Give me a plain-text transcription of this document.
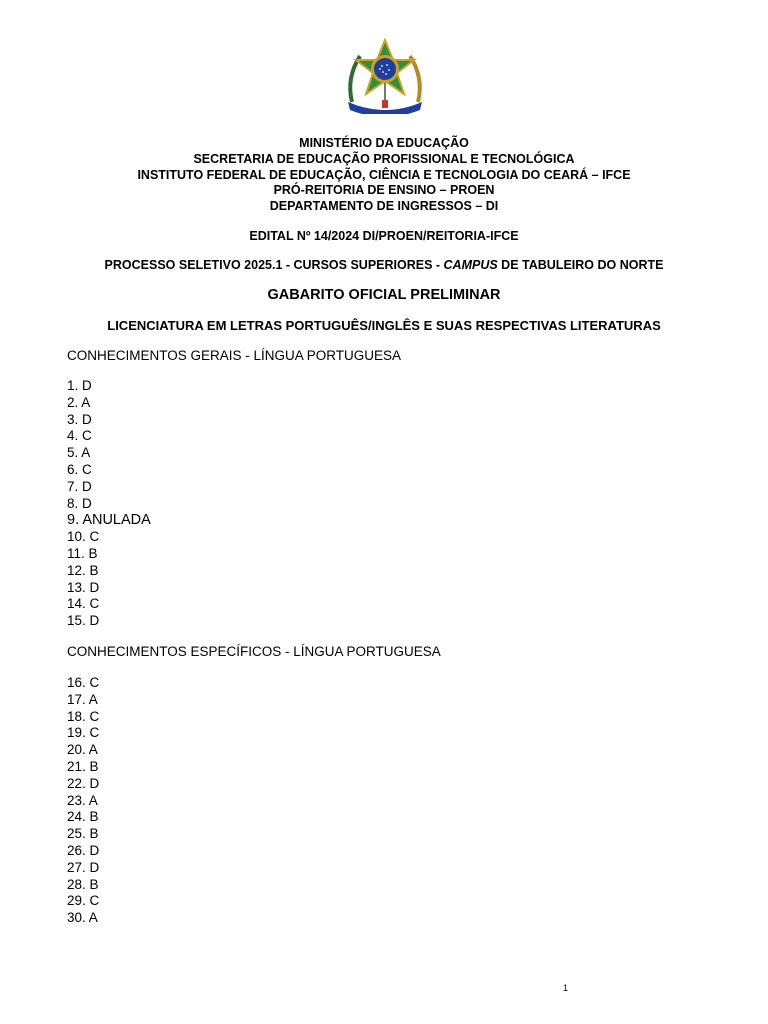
MINISTÉRIO DA EDUCAÇÃO
SECRETARIA DE EDUCAÇÃO PROFISSIONAL E TECNOLÓGICA
INSTITUTO FEDERAL DE EDUCAÇÃO, CIÊNCIA E TECNOLOGIA DO CEARÁ – IFCE
PRÓ-REITORIA DE ENSINO – PROEN
DEPARTAMENTO DE INGRESSOS – DI
EDITAL Nº 14/2024 DI/PROEN/REITORIA-IFCE
PROCESSO SELETIVO 2025.1 - CURSOS SUPERIORES - CAMPUS DE TABULEIRO DO NORTE
GABARITO OFICIAL PRELIMINAR
LICENCIATURA EM LETRAS PORTUGUÊS/INGLÊS E SUAS RESPECTIVAS LITERATURAS
CONHECIMENTOS GERAIS - LÍNGUA PORTUGUESA
1. D
2. A
3. D
4. C
5. A
6. C
7. D
8. D
9. ANULADA
10. C
11. B
12. B
13. D
14. C
15. D
CONHECIMENTOS ESPECÍFICOS - LÍNGUA PORTUGUESA
16. C
17. A
18. C
19. C
20. A
21. B
22. D
23. A
24. B
25. B
26. D
27. D
28. B
29. C
30. A
1
